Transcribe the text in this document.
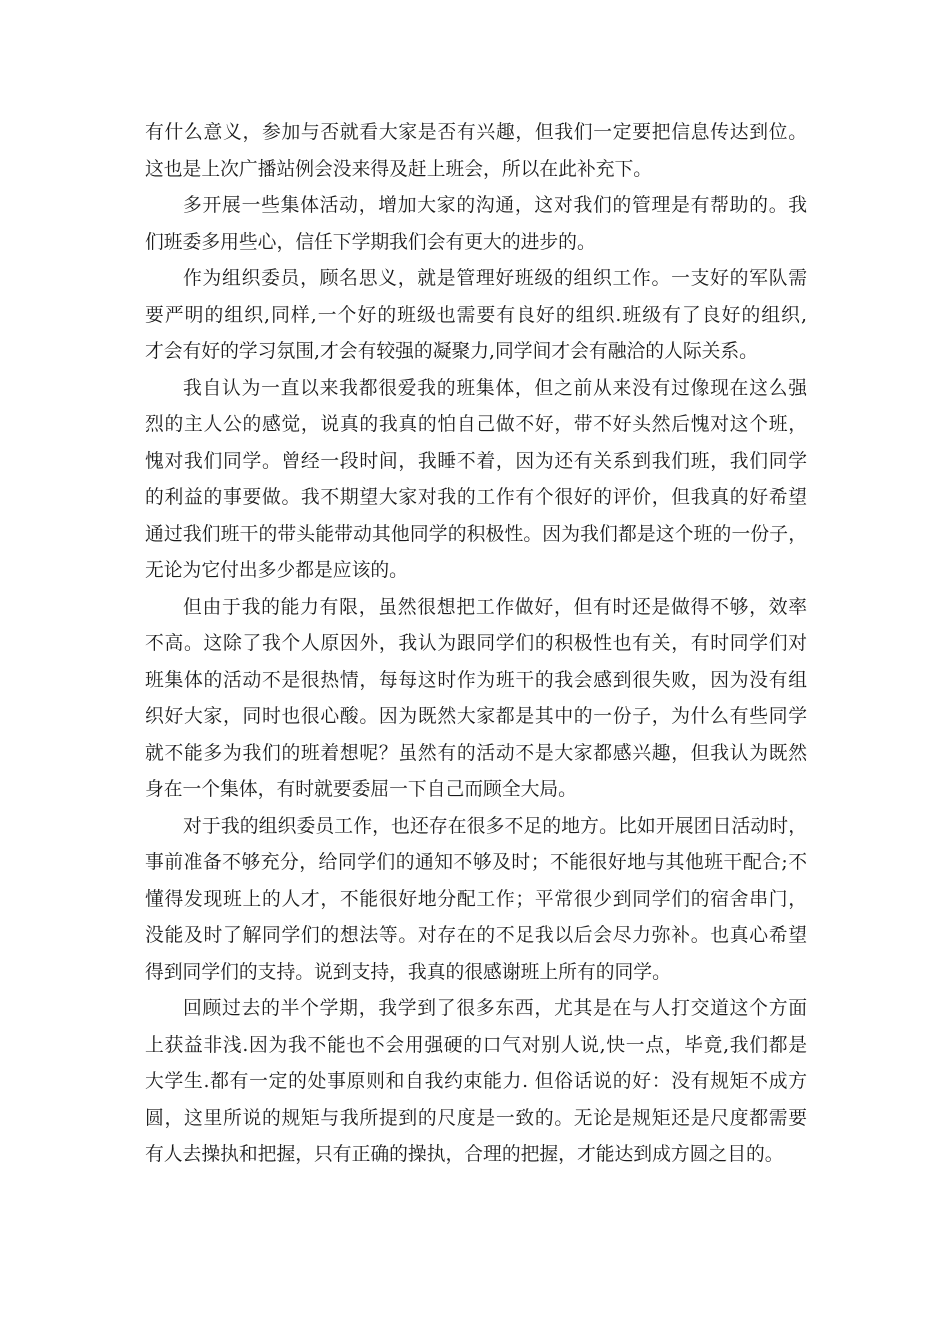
有什么意义，参加与否就看大家是否有兴趣，但我们一定要把信息传达到位。
这也是上次广播站例会没来得及赶上班会，所以在此补充下。
多开展一些集体活动，增加大家的沟通，这对我们的管理是有帮助的。我
们班委多用些心，信任下学期我们会有更大的进步的。
作为组织委员，顾名思义，就是管理好班级的组织工作。一支好的军队需
要严明的组织,同样,一个好的班级也需要有良好的组织.班级有了良好的组织,
才会有好的学习氛围,才会有较强的凝聚力,同学间才会有融洽的人际关系。
我自认为一直以来我都很爱我的班集体，但之前从来没有过像现在这么强
烈的主人公的感觉，说真的我真的怕自己做不好，带不好头然后愧对这个班，
愧对我们同学。曾经一段时间，我睡不着，因为还有关系到我们班，我们同学
的利益的事要做。我不期望大家对我的工作有个很好的评价，但我真的好希望
通过我们班干的带头能带动其他同学的积极性。因为我们都是这个班的一份子，
无论为它付出多少都是应该的。
但由于我的能力有限，虽然很想把工作做好，但有时还是做得不够，效率
不高。这除了我个人原因外，我认为跟同学们的积极性也有关，有时同学们对
班集体的活动不是很热情，每每这时作为班干的我会感到很失败，因为没有组
织好大家，同时也很心酸。因为既然大家都是其中的一份子，为什么有些同学
就不能多为我们的班着想呢？虽然有的活动不是大家都感兴趣，但我认为既然
身在一个集体，有时就要委屈一下自己而顾全大局。
对于我的组织委员工作，也还存在很多不足的地方。比如开展团日活动时，
事前准备不够充分，给同学们的通知不够及时；不能很好地与其他班干配合;不
懂得发现班上的人才，不能很好地分配工作；平常很少到同学们的宿舍串门，
没能及时了解同学们的想法等。对存在的不足我以后会尽力弥补。也真心希望
得到同学们的支持。说到支持，我真的很感谢班上所有的同学。
回顾过去的半个学期，我学到了很多东西，尤其是在与人打交道这个方面
上获益非浅.因为我不能也不会用强硬的口气对别人说,快一点，毕竟,我们都是
大学生.都有一定的处事原则和自我约束能力. 但俗话说的好：没有规矩不成方
圆，这里所说的规矩与我所提到的尺度是一致的。无论是规矩还是尺度都需要
有人去操执和把握，只有正确的操执，合理的把握，才能达到成方圆之目的。
